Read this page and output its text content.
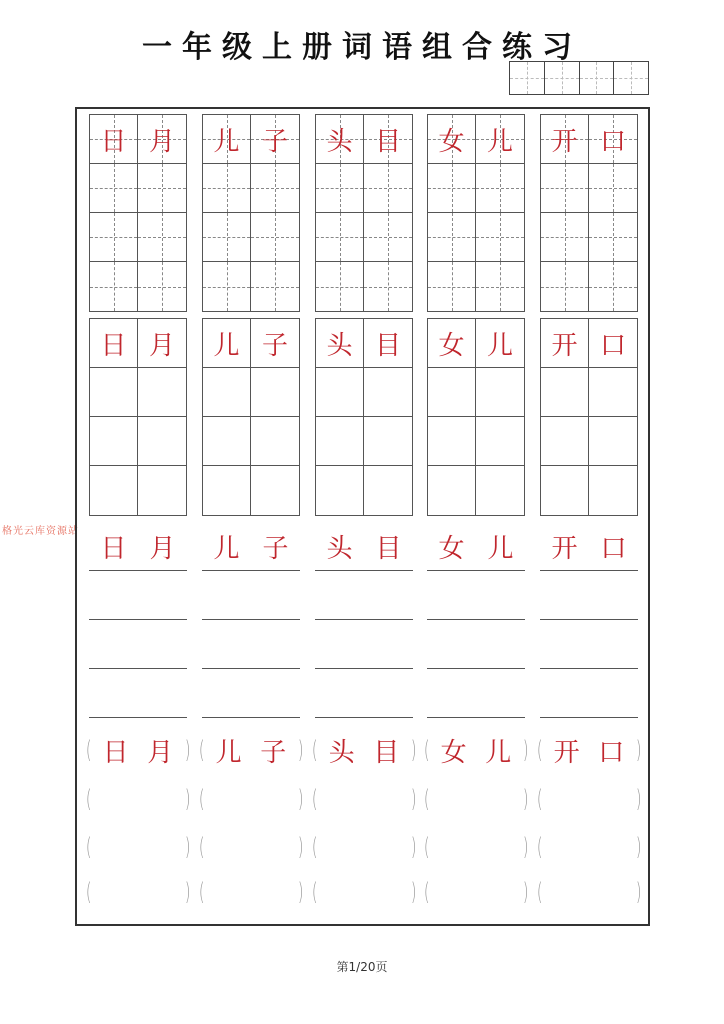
一年级上册词语组合练习
格光云库资源站
日 月
日 月
日 月
( 日 月 )
(	)
(	)
(	)
儿 子
儿 子
儿 子
( 儿 子 )
(	)
(	)
(	)
头 目
头 目
头 目
( 头 目 )
(	)
(	)
(	)
女 儿
女 儿
女 儿
( 女 儿 )
(	)
(	)
(	)
开 口
开 口
开 口
( 开 口 )
(	)
(	)
(	)
第1/20页
